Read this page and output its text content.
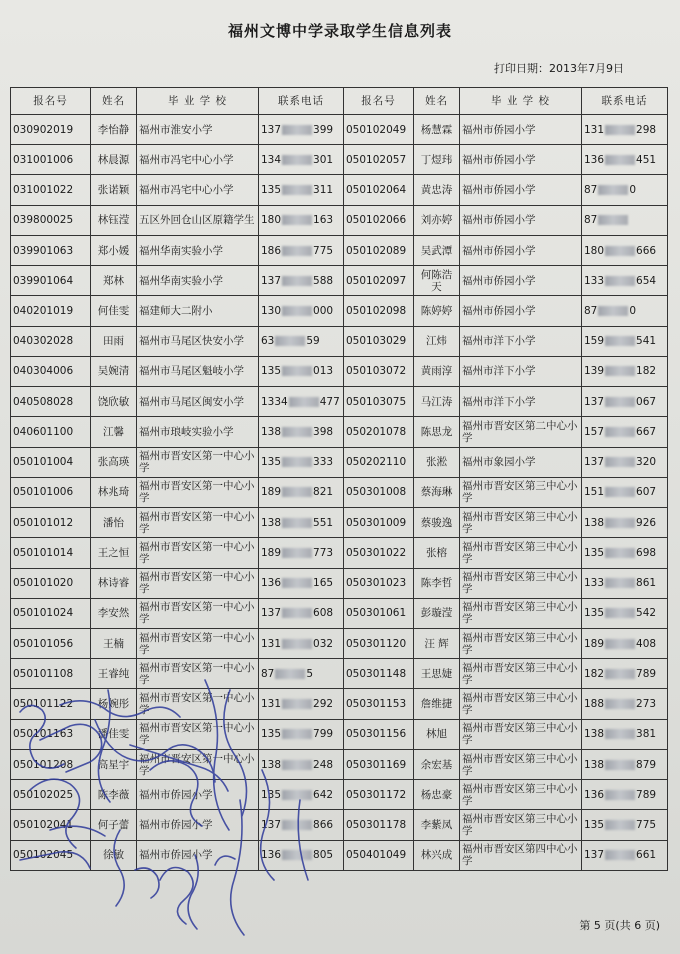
福州文博中学录取学生信息列表
打印日期：2013年7月9日
报名号	姓名	毕 业 学 校	联系电话	报名号	姓名	毕 业 学 校	联系电话
030902019	李怡静	福州市淮安小学	137 399	050102049	杨慧霖	福州市侨园小学	131 298
031001006	林晨源	福州市冯宅中心小学	134 301	050102057	丁煜玮	福州市侨园小学	136 451
031001022	张诺颖	福州市冯宅中心小学	135 311	050102064	黄忠涛	福州市侨园小学	87 0
039800025	林钰滢	五区外回仓山区原籍学生	180 163	050102066	刘亦婷	福州市侨园小学	87
039901063	郑小媛	福州华南实验小学	186 775	050102089	吴武潭	福州市侨园小学	180 666
039901064	郑林	福州华南实验小学	137 588	050102097	何陈浩天	福州市侨园小学	133 654
040201019	何佳雯	福建师大二附小	130 000	050102098	陈婷婷	福州市侨园小学	87 0
040302028	田雨	福州市马尾区快安小学	63 59	050103029	江炜	福州市洋下小学	159 541
040304006	吴婉清	福州市马尾区魁岐小学	135 013	050103072	黄雨淳	福州市洋下小学	139 182
040508028	饶欣敏	福州市马尾区闽安小学	1334 477	050103075	马江涛	福州市洋下小学	137 067
040601100	江馨	福州市琅岐实验小学	138 398	050201078	陈思龙	福州市晋安区第二中心小学	157 667
050101004	张高瑛	福州市晋安区第一中心小学	135 333	050202110	张淞	福州市象园小学	137 320
050101006	林兆琦	福州市晋安区第一中心小学	189 821	050301008	蔡海琳	福州市晋安区第三中心小学	151 607
050101012	潘怡	福州市晋安区第一中心小学	138 551	050301009	蔡骏逸	福州市晋安区第三中心小学	138 926
050101014	王之恒	福州市晋安区第一中心小学	189 773	050301022	张榕	福州市晋安区第三中心小学	135 698
050101020	林诗睿	福州市晋安区第一中心小学	136 165	050301023	陈李哲	福州市晋安区第三中心小学	133 861
050101024	李安然	福州市晋安区第一中心小学	137 608	050301061	彭璇滢	福州市晋安区第三中心小学	135 542
050101056	王楠	福州市晋安区第一中心小学	131 032	050301120	汪 辉	福州市晋安区第三中心小学	189 408
050101108	王睿纯	福州市晋安区第一中心小学	87 5	050301148	王思婕	福州市晋安区第三中心小学	182 789
050101122	杨婉彤	福州市晋安区第一中心小学	131 292	050301153	詹维捷	福州市晋安区第三中心小学	188 273
050101163	潘佳雯	福州市晋安区第一中心小学	135 799	050301156	林旭	福州市晋安区第三中心小学	138 381
050101208	高星宇	福州市晋安区第一中心小学	138 248	050301169	余宏基	福州市晋安区第三中心小学	138 879
050102025	陈李薇	福州市侨园小学	135 642	050301172	杨忠豪	福州市晋安区第三中心小学	136 789
050102041	何子蕾	福州市侨园小学	137 866	050301178	李紫凤	福州市晋安区第三中心小学	135 775
050102045	徐敏	福州市侨园小学	136 805	050401049	林兴成	福州市晋安区第四中心小学	137 661
第 5 页(共 6 页)
